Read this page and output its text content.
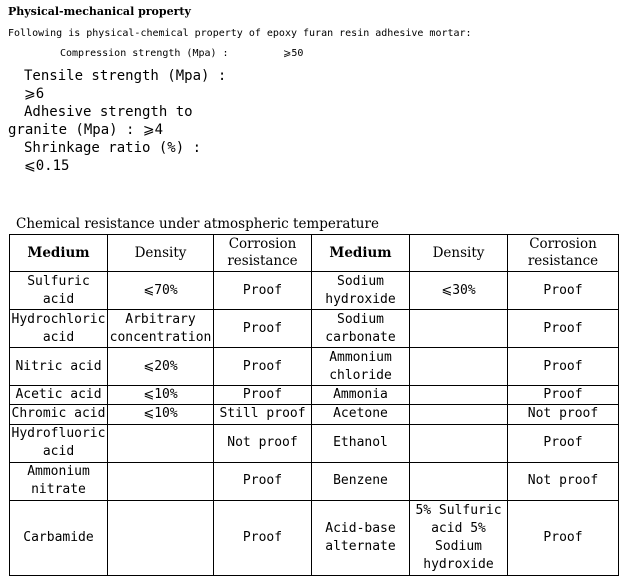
Physical-mechanical property
Following is physical-chemical property of epoxy furan resin adhesive mortar:
Compression strength (Mpa) :	⩾50
Tensile strength (Mpa) :
⩾6
Adhesive strength to
granite (Mpa) : ⩾4
Shrinkage ratio (%) :
⩽0.15
Chemical resistance under atmospheric temperature
Medium	Density	Corrosion resistance	Medium	Density	Corrosion resistance
Sulfuric acid	⩽70%	Proof	Sodium hydroxide	⩽30%	Proof
Hydrochloric acid	Arbitrary concentration	Proof	Sodium carbonate		Proof
Nitric acid	⩽20%	Proof	Ammonium chloride		Proof
Acetic acid	⩽10%	Proof	Ammonia		Proof
Chromic acid	⩽10%	Still proof	Acetone		Not proof
Hydrofluoric acid		Not proof	Ethanol		Proof
Ammonium nitrate		Proof	Benzene		Not proof
Carbamide		Proof	Acid-base alternate	5% Sulfuric acid 5% Sodium hydroxide	Proof
